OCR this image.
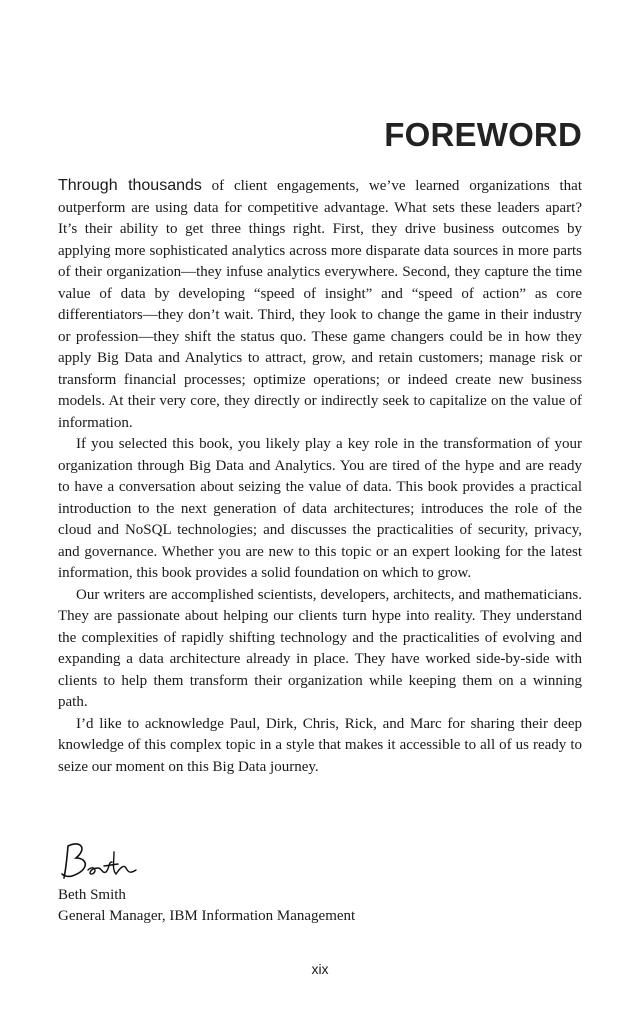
FOREWORD

Through thousands of client engagements, we’ve learned organizations that outperform are using data for competitive advantage. What sets these leaders apart? It’s their ability to get three things right. First, they drive business outcomes by applying more sophisticated analytics across more disparate data sources in more parts of their organization—they infuse analytics everywhere. Second, they capture the time value of data by developing “speed of insight” and “speed of action” as core differentiators—they don’t wait. Third, they look to change the game in their industry or profession—they shift the status quo. These game changers could be in how they apply Big Data and Analytics to attract, grow, and retain customers; manage risk or transform financial processes; optimize operations; or indeed create new business models. At their very core, they directly or indirectly seek to capitalize on the value of information.

If you selected this book, you likely play a key role in the transformation of your organization through Big Data and Analytics. You are tired of the hype and are ready to have a conversation about seizing the value of data. This book provides a practical introduction to the next generation of data architectures; introduces the role of the cloud and NoSQL technologies; and discusses the practicalities of security, privacy, and governance. Whether you are new to this topic or an expert looking for the latest information, this book provides a solid foundation on which to grow.

Our writers are accomplished scientists, developers, architects, and mathematicians. They are passionate about helping our clients turn hype into reality. They understand the complexities of rapidly shifting technology and the practicalities of evolving and expanding a data architecture already in place. They have worked side-by-side with clients to help them transform their organization while keeping them on a winning path.

I’d like to acknowledge Paul, Dirk, Chris, Rick, and Marc for sharing their deep knowledge of this complex topic in a style that makes it accessible to all of us ready to seize our moment on this Big Data journey.

Beth Smith
General Manager, IBM Information Management
xix
